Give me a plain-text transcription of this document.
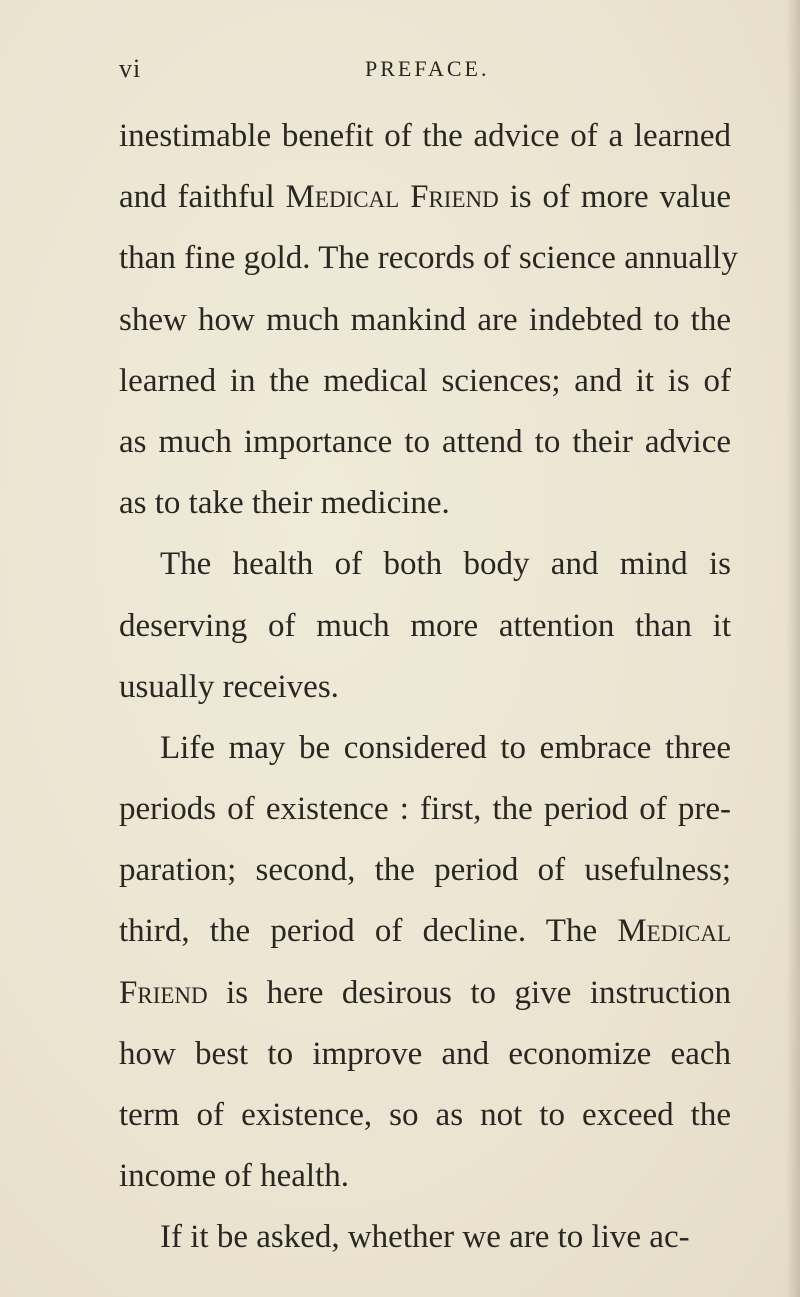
vi	PREFACE.
inestimable benefit of the advice of a learned
and faithful Medical Friend is of more value
than fine gold. The records of science annually
shew how much mankind are indebted to the
learned in the medical sciences; and it is of
as much importance to attend to their advice
as to take their medicine.
The health of both body and mind is
deserving of much more attention than it
usually receives.
Life may be considered to embrace three
periods of existence : first, the period of pre-
paration; second, the period of usefulness;
third, the period of decline. The Medical
Friend is here desirous to give instruction
how best to improve and economize each
term of existence, so as not to exceed the
income of health.
If it be asked, whether we are to live ac-
